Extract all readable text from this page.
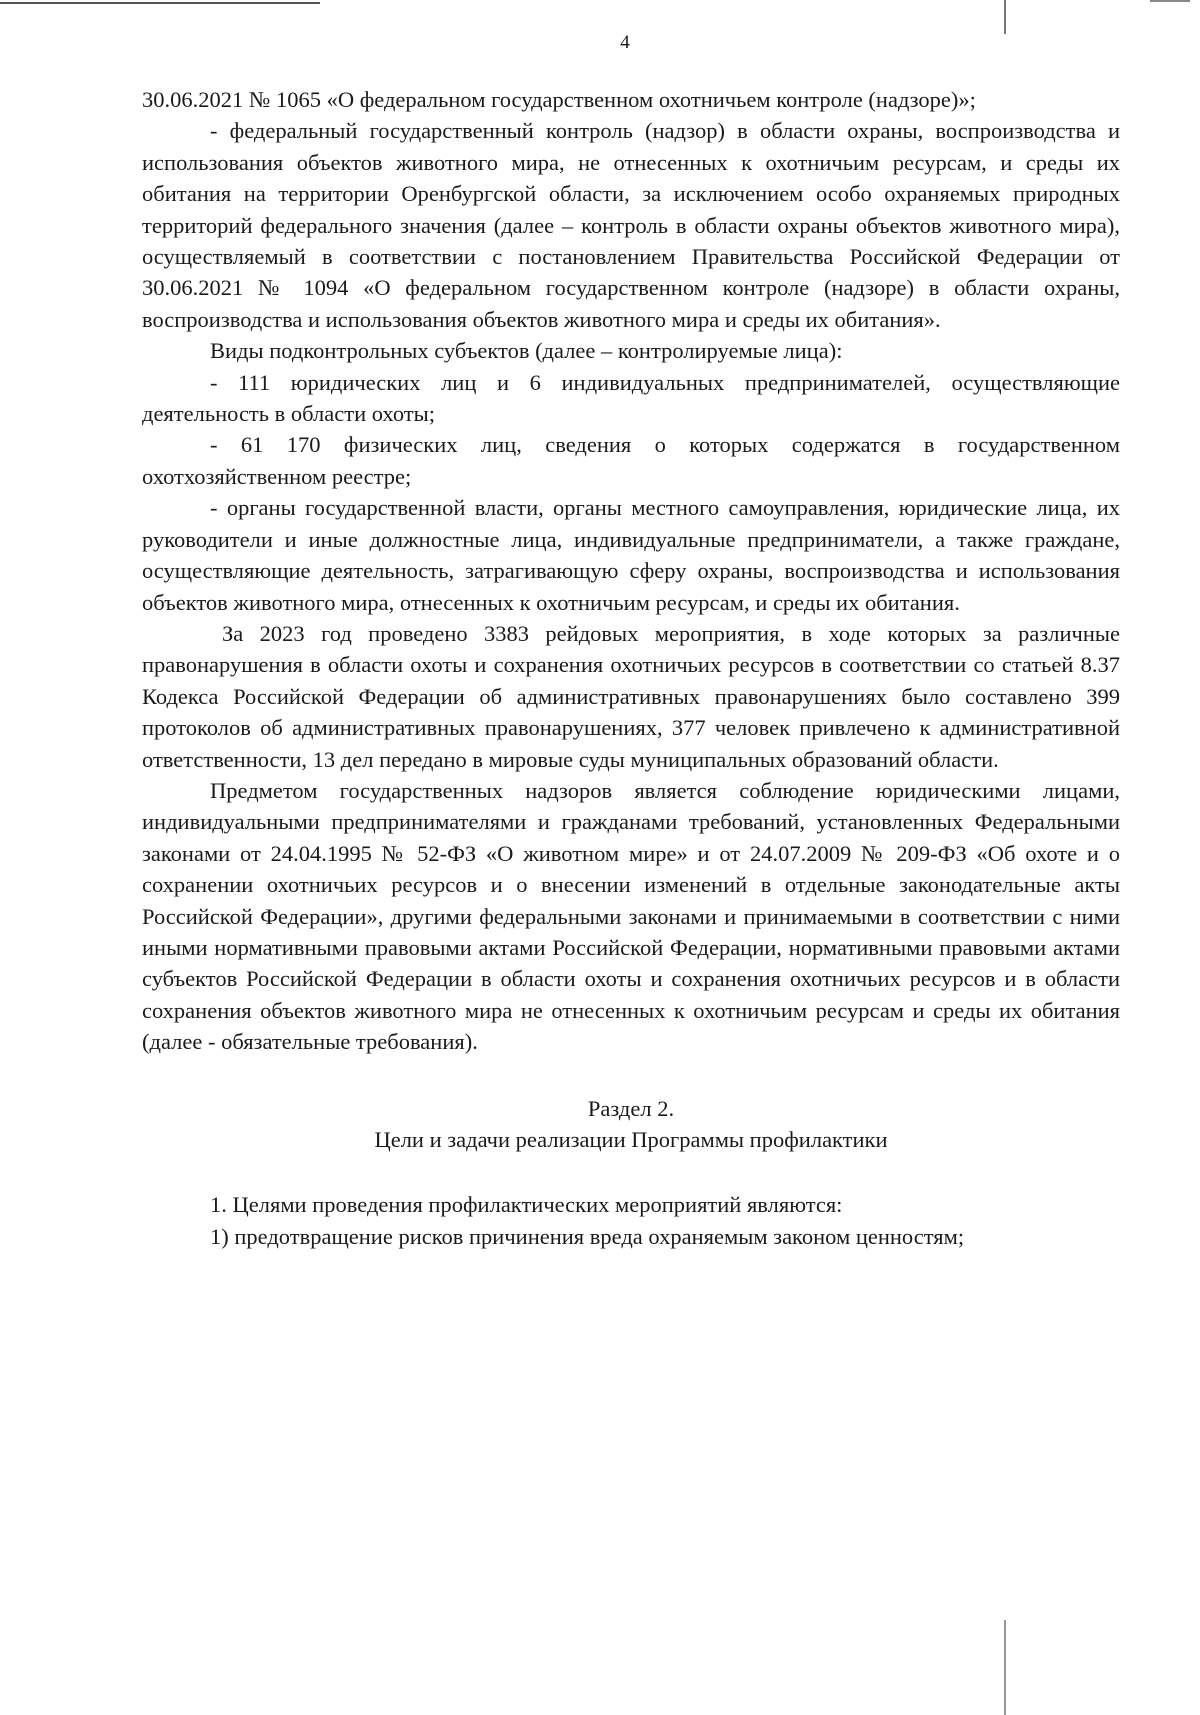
4

30.06.2021 № 1065 «О федеральном государственном охотничьем контроле (надзоре)»;

- федеральный государственный контроль (надзор) в области охраны, воспроизводства и использования объектов животного мира, не отнесенных к охотничьим ресурсам, и среды их обитания на территории Оренбургской области, за исключением особо охраняемых природных территорий федерального значения (далее – контроль в области охраны объектов животного мира), осуществляемый в соответствии с постановлением Правительства Российской Федерации от 30.06.2021 № 1094 «О федеральном государственном контроле (надзоре) в области охраны, воспроизводства и использования объектов животного мира и среды их обитания».

Виды подконтрольных субъектов (далее – контролируемые лица):

- 111 юридических лиц и 6 индивидуальных предпринимателей, осуществляющие деятельность в области охоты;

- 61 170 физических лиц, сведения о которых содержатся в государственном охотхозяйственном реестре;

- органы государственной власти, органы местного самоуправления, юридические лица, их руководители и иные должностные лица, индивидуальные предприниматели, а также граждане, осуществляющие деятельность, затрагивающую сферу охраны, воспроизводства и использования объектов животного мира, отнесенных к охотничьим ресурсам, и среды их обитания.

За 2023 год проведено 3383 рейдовых мероприятия, в ходе которых за различные правонарушения в области охоты и сохранения охотничьих ресурсов в соответствии со статьей 8.37 Кодекса Российской Федерации об административных правонарушениях было составлено 399 протоколов об административных правонарушениях, 377 человек привлечено к административной ответственности, 13 дел передано в мировые суды муниципальных образований области.

Предметом государственных надзоров является соблюдение юридическими лицами, индивидуальными предпринимателями и гражданами требований, установленных Федеральными законами от 24.04.1995 № 52-ФЗ «О животном мире» и от 24.07.2009 № 209-ФЗ «Об охоте и о сохранении охотничьих ресурсов и о внесении изменений в отдельные законодательные акты Российской Федерации», другими федеральными законами и принимаемыми в соответствии с ними иными нормативными правовыми актами Российской Федерации, нормативными правовыми актами субъектов Российской Федерации в области охоты и сохранения охотничьих ресурсов и в области сохранения объектов животного мира не отнесенных к охотничьим ресурсам и среды их обитания (далее - обязательные требования).

Раздел 2.

Цели и задачи реализации Программы профилактики

1. Целями проведения профилактических мероприятий являются:

1) предотвращение рисков причинения вреда охраняемым законом ценностям;
